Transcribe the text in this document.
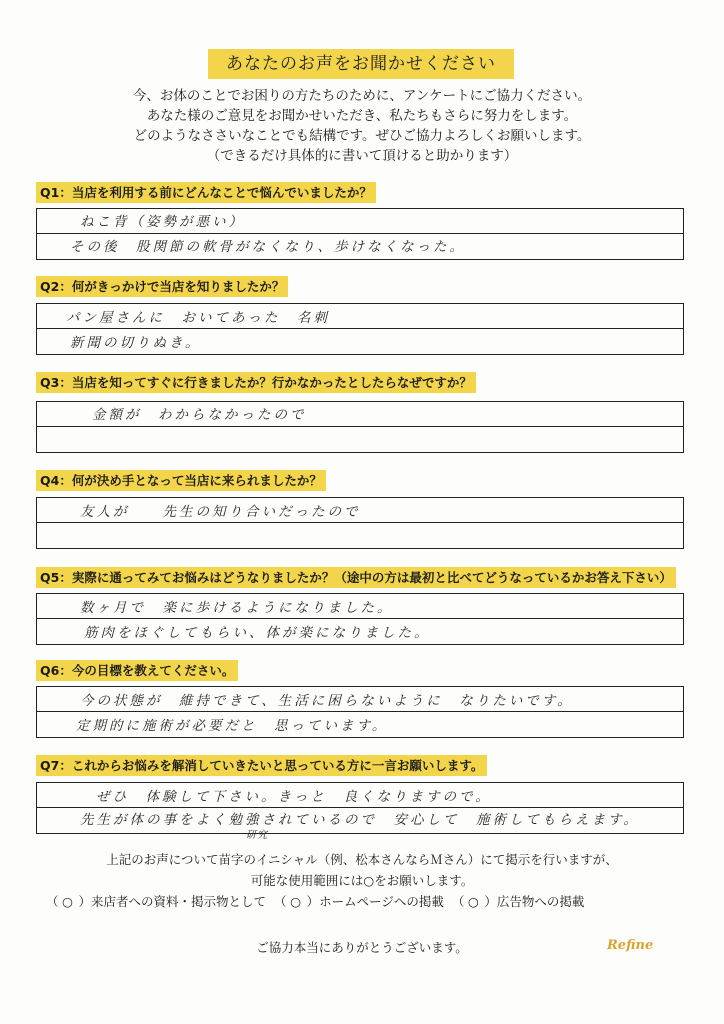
あなたのお声をお聞かせください
今、お体のことでお困りの方たちのために、アンケートにご協力ください。
あなた様のご意見をお聞かせいただき、私たちもさらに努力をします。
どのようなささいなことでも結構です。ぜひご協力よろしくお願いします。
（できるだけ具体的に書いて頂けると助かります）
Q1：当店を利用する前にどんなことで悩んでいましたか？
ねこ背（姿勢が悪い）
その後　股関節の軟骨がなくなり、歩けなくなった。
Q2：何がきっかけで当店を知りましたか？
パン屋さんに　おいてあった　名刺
新聞の切りぬき。
Q3：当店を知ってすぐに行きましたか？行かなかったとしたらなぜですか？
金額が　わからなかったので
Q4：何が決め手となって当店に来られましたか？
友人が　　先生の知り合いだったので
Q5：実際に通ってみてお悩みはどうなりましたか？（途中の方は最初と比べてどうなっているかお答え下さい）
数ヶ月で　楽に歩けるようになりました。
筋肉をほぐしてもらい、体が楽になりました。
Q6：今の目標を教えてください。
今の状態が　維持できて、生活に困らないように　なりたいです。
定期的に施術が必要だと　思っています。
Q7：これからお悩みを解消していきたいと思っている方に一言お願いします。
ぜひ　体験して下さい。きっと　良くなりますので。
先生が体の事をよく勉強されているので　安心して　施術してもらえます。
研究
上記のお声について苗字のイニシャル（例、松本さんならＭさん）にて掲示を行いますが、
可能な使用範囲には○をお願いします。
（ ○ ）来店者への資料・掲示物として （ ○ ）ホームページへの掲載 （ ○ ）広告物への掲載
ご協力本当にありがとうございます。	Refine
